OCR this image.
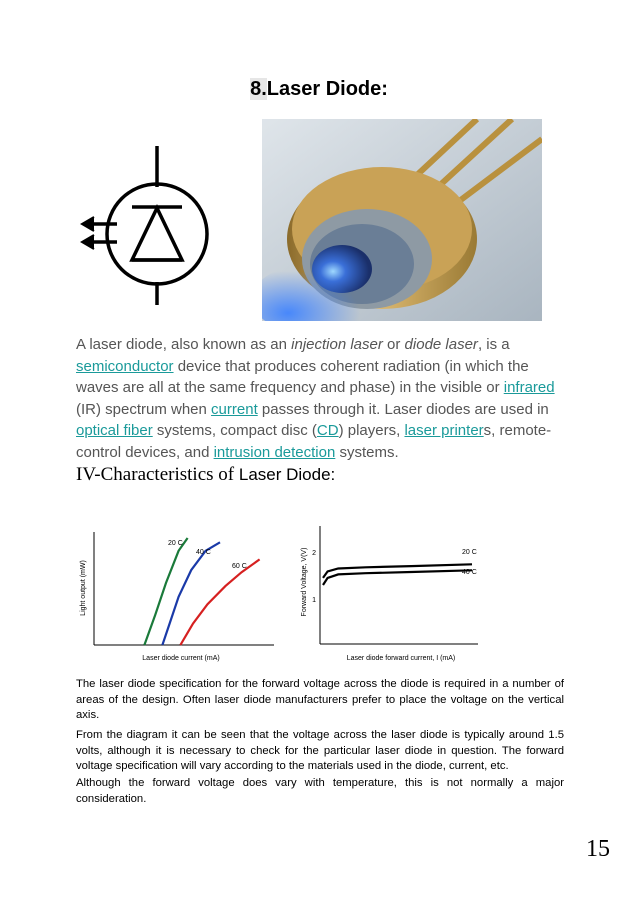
8.Laser Diode:
A laser diode, also known as an injection laser or diode laser, is a semiconductor device that produces coherent radiation (in which the waves are all at the same frequency and phase) in the visible or infrared (IR) spectrum when current passes through it. Laser diodes are used in optical fiber systems, compact disc (CD) players, laser printers, remote-control devices, and intrusion detection systems.
IV-Characteristics of Laser Diode:
20 C
40 C
60 C
Light output (mW)
Laser diode current (mA)
20 C
40 C
2
1
Forward Voltage, V(V)
Laser diode forward current, I (mA)
The laser diode specification for the forward voltage across the diode is required in a number of areas of the design. Often laser diode manufacturers prefer to place the voltage on the vertical axis.
From the diagram it can be seen that the voltage across the laser diode is typically around 1.5 volts, although it is necessary to check for the particular laser diode in question. The forward voltage specification will vary according to the materials used in the diode, current, etc.
Although the forward voltage does vary with temperature, this is not normally a major consideration.
15
